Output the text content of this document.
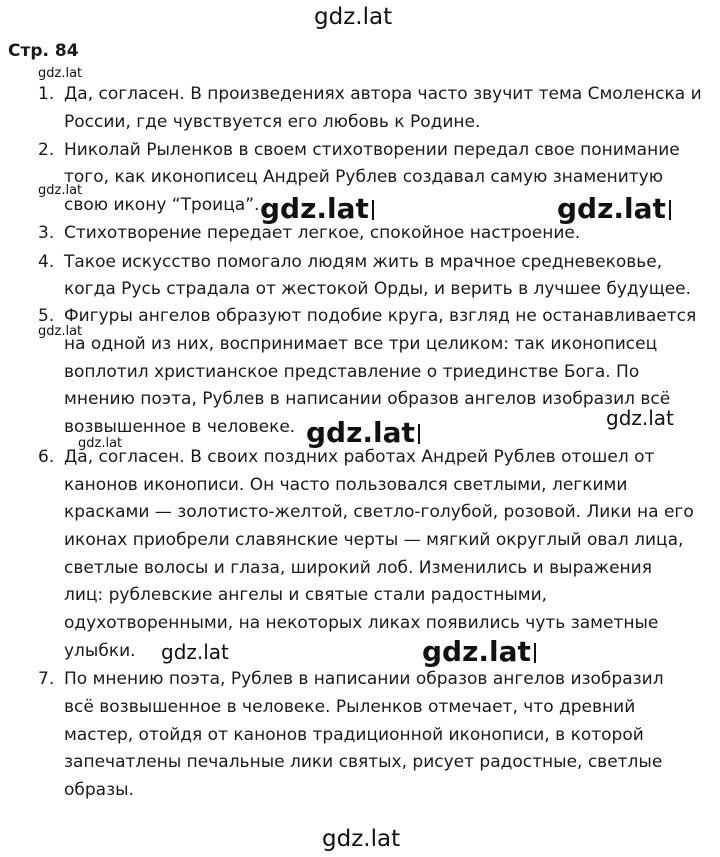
gdz.lat
Стр. 84
gdz.lat
gdz.lat
gdz.lat
gdz.lat
1. Да, согласен. В произведениях автора часто звучит тема Смоленска и
России, где чувствуется его любовь к Родине.
2. Николай Рыленков в своем стихотворении передал свое понимание
того, как иконописец Андрей Рублев создавал самую знаменитую
свою икону “Троица”.
3. Стихотворение передает легкое, спокойное настроение.
4. Такое искусство помогало людям жить в мрачное средневековье,
когда Русь страдала от жестокой Орды, и верить в лучшее будущее.
5. Фигуры ангелов образуют подобие круга, взгляд не останавливается
на одной из них, воспринимает все три целиком: так иконописец
воплотил христианское представление о триединстве Бога. По
мнению поэта, Рублев в написании образов ангелов изобразил всё
возвышенное в человеке.
6. Да, согласен. В своих поздних работах Андрей Рублев отошел от
канонов иконописи. Он часто пользовался светлыми, легкими
красками — золотисто-желтой, светло-голубой, розовой. Лики на его
иконах приобрели славянские черты — мягкий округлый овал лица,
светлые волосы и глаза, широкий лоб. Изменились и выражения
лиц: рублевские ангелы и святые стали радостными,
одухотворенными, на некоторых ликах появились чуть заметные
улыбки.
7. По мнению поэта, Рублев в написании образов ангелов изобразил
всё возвышенное в человеке. Рыленков отмечает, что древний
мастер, отойдя от канонов традиционной иконописи, в которой
запечатлены печальные лики святых, рисует радостные, светлые
образы.
gdz.lat	gdz.lat
gdz.lat
gdz.lat
gdz.lat
gdz.lat
gdz.lat
